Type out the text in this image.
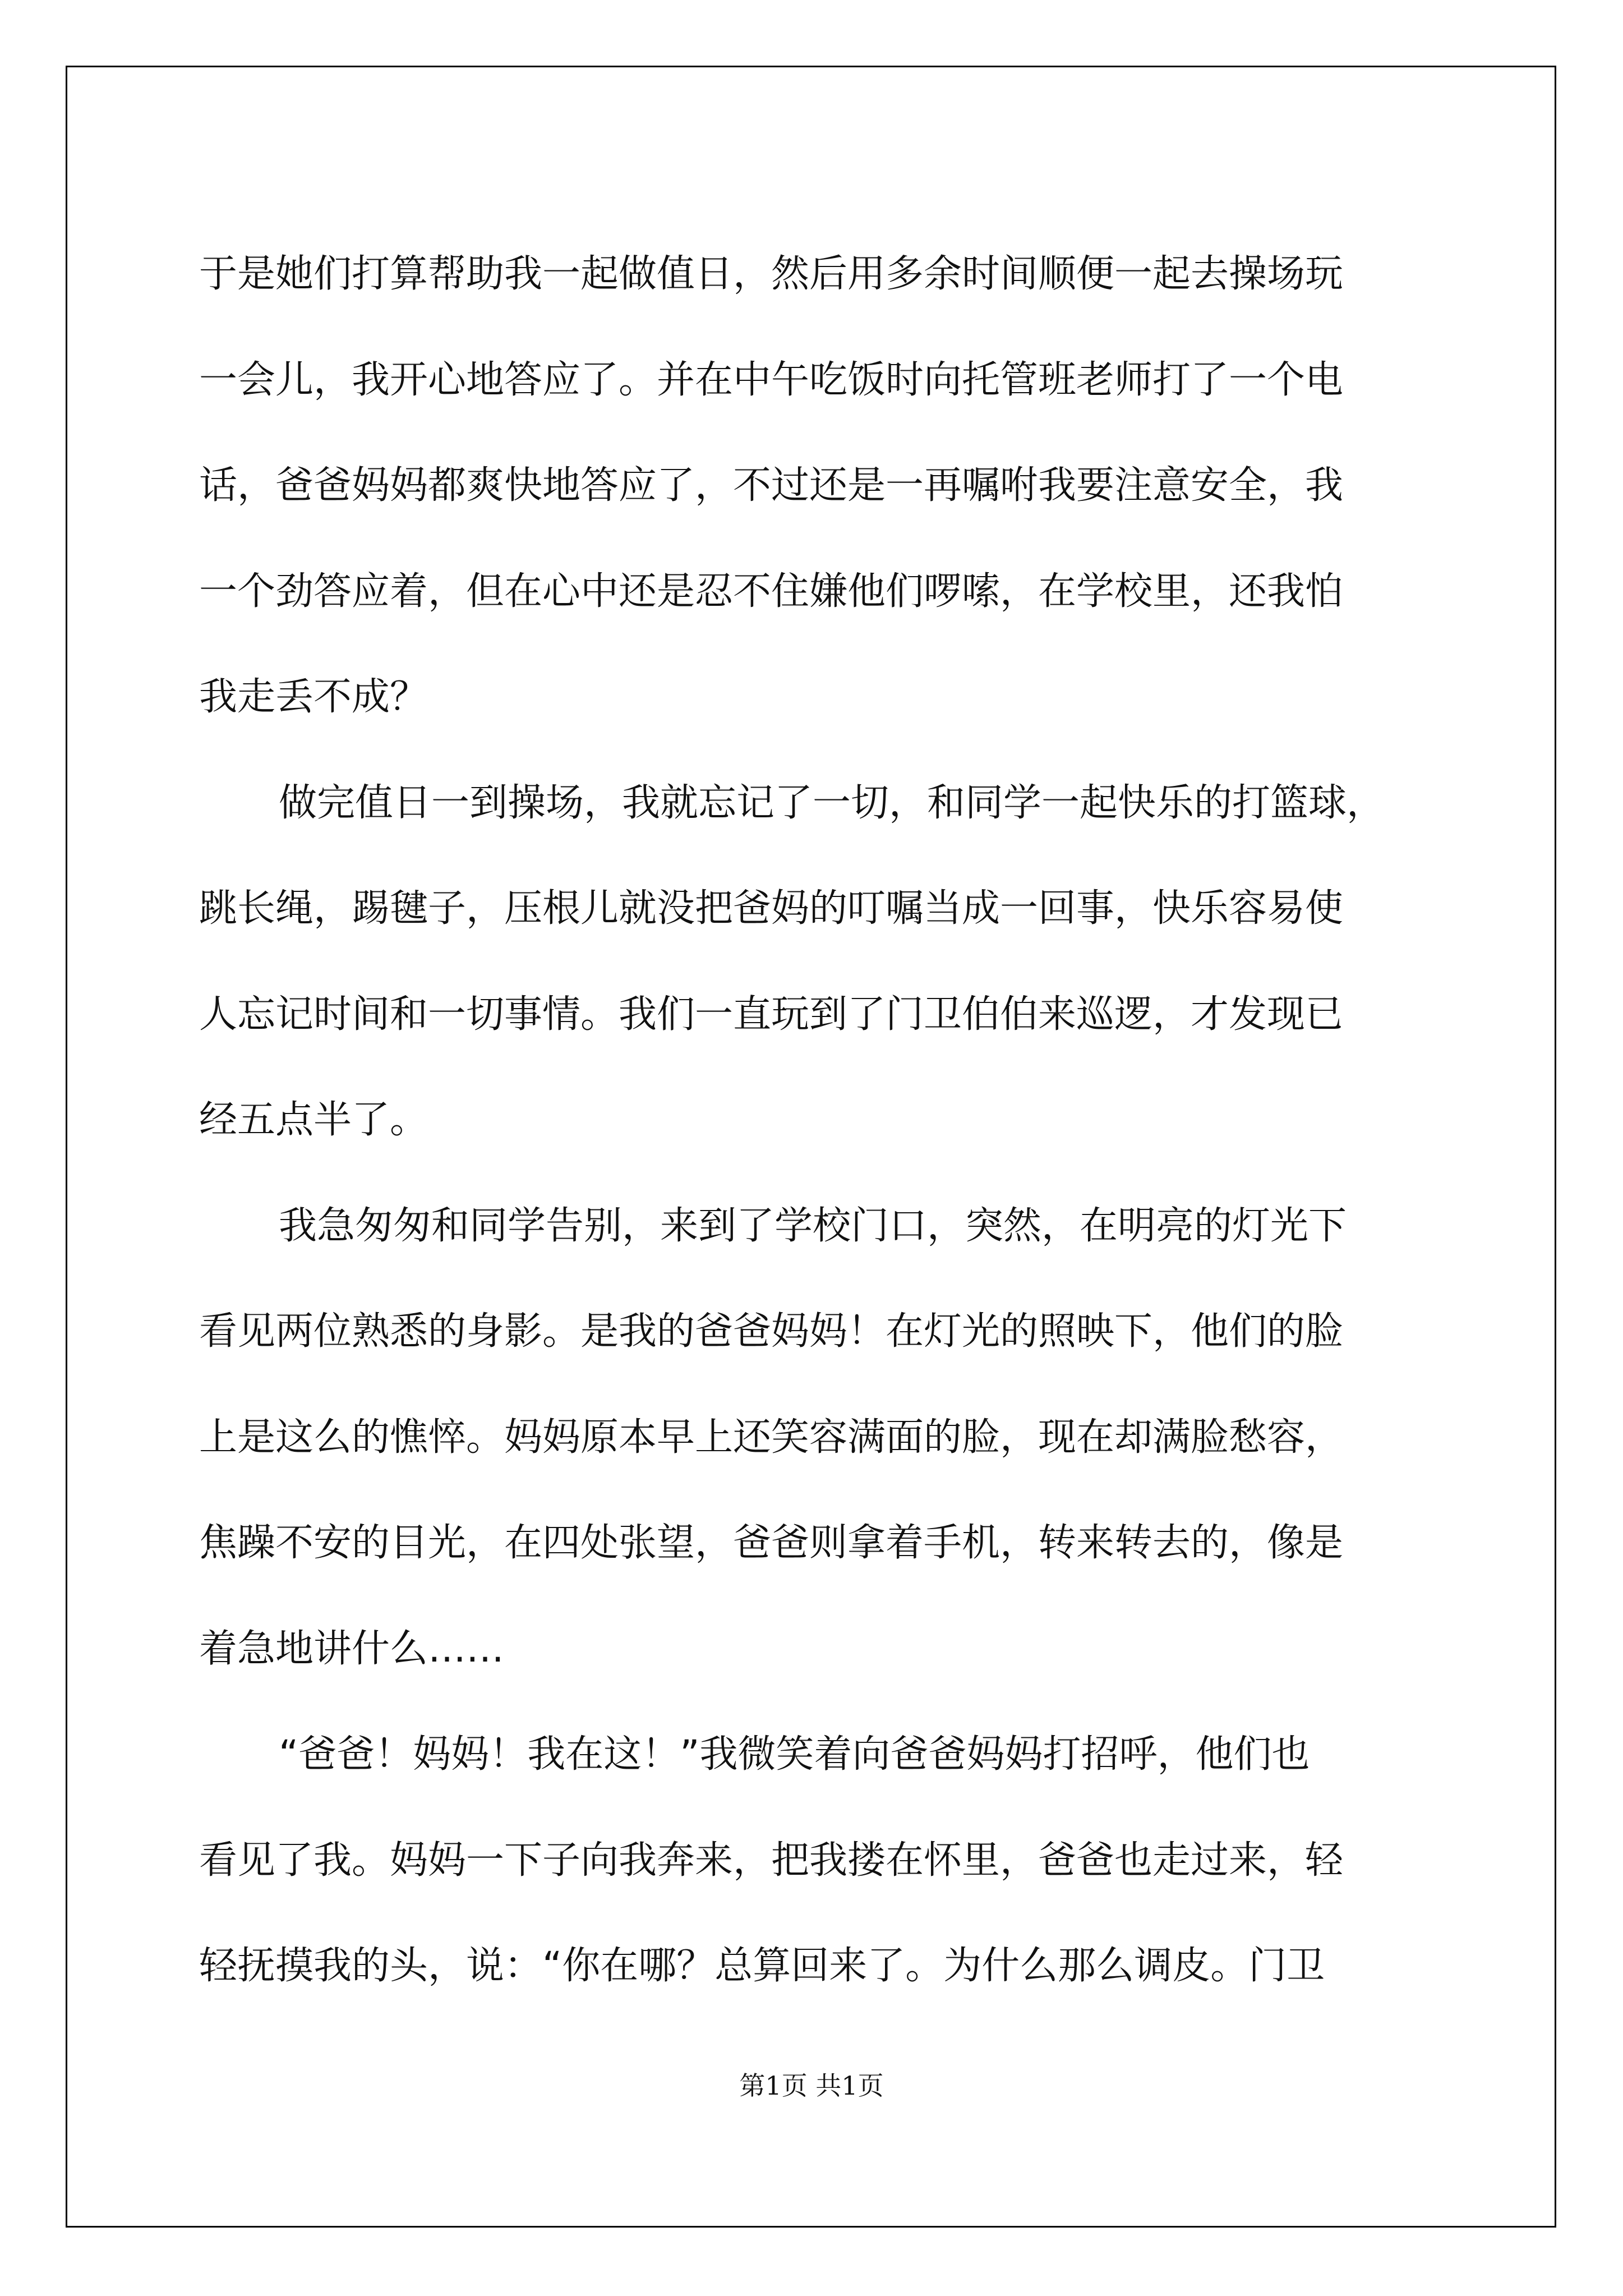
于是她们打算帮助我一起做值日，然后用多余时间顺便一起去操场玩
一会儿，我开心地答应了。并在中午吃饭时向托管班老师打了一个电
话，爸爸妈妈都爽快地答应了，不过还是一再嘱咐我要注意安全，我
一个劲答应着，但在心中还是忍不住嫌他们啰嗦，在学校里，还我怕
我走丢不成？

做完值日一到操场，我就忘记了一切，和同学一起快乐的打篮球，
跳长绳，踢毽子，压根儿就没把爸妈的叮嘱当成一回事，快乐容易使
人忘记时间和一切事情。我们一直玩到了门卫伯伯来巡逻，才发现已
经五点半了。

我急匆匆和同学告别，来到了学校门口，突然，在明亮的灯光下
看见两位熟悉的身影。是我的爸爸妈妈！在灯光的照映下，他们的脸
上是这么的憔悴。妈妈原本早上还笑容满面的脸，现在却满脸愁容，
焦躁不安的目光，在四处张望，爸爸则拿着手机，转来转去的，像是
着急地讲什么……

“爸爸！妈妈！我在这！”我微笑着向爸爸妈妈打招呼，他们也
看见了我。妈妈一下子向我奔来，把我搂在怀里，爸爸也走过来，轻
轻抚摸我的头，说：“你在哪？总算回来了。为什么那么调皮。门卫

第1页 共1页
